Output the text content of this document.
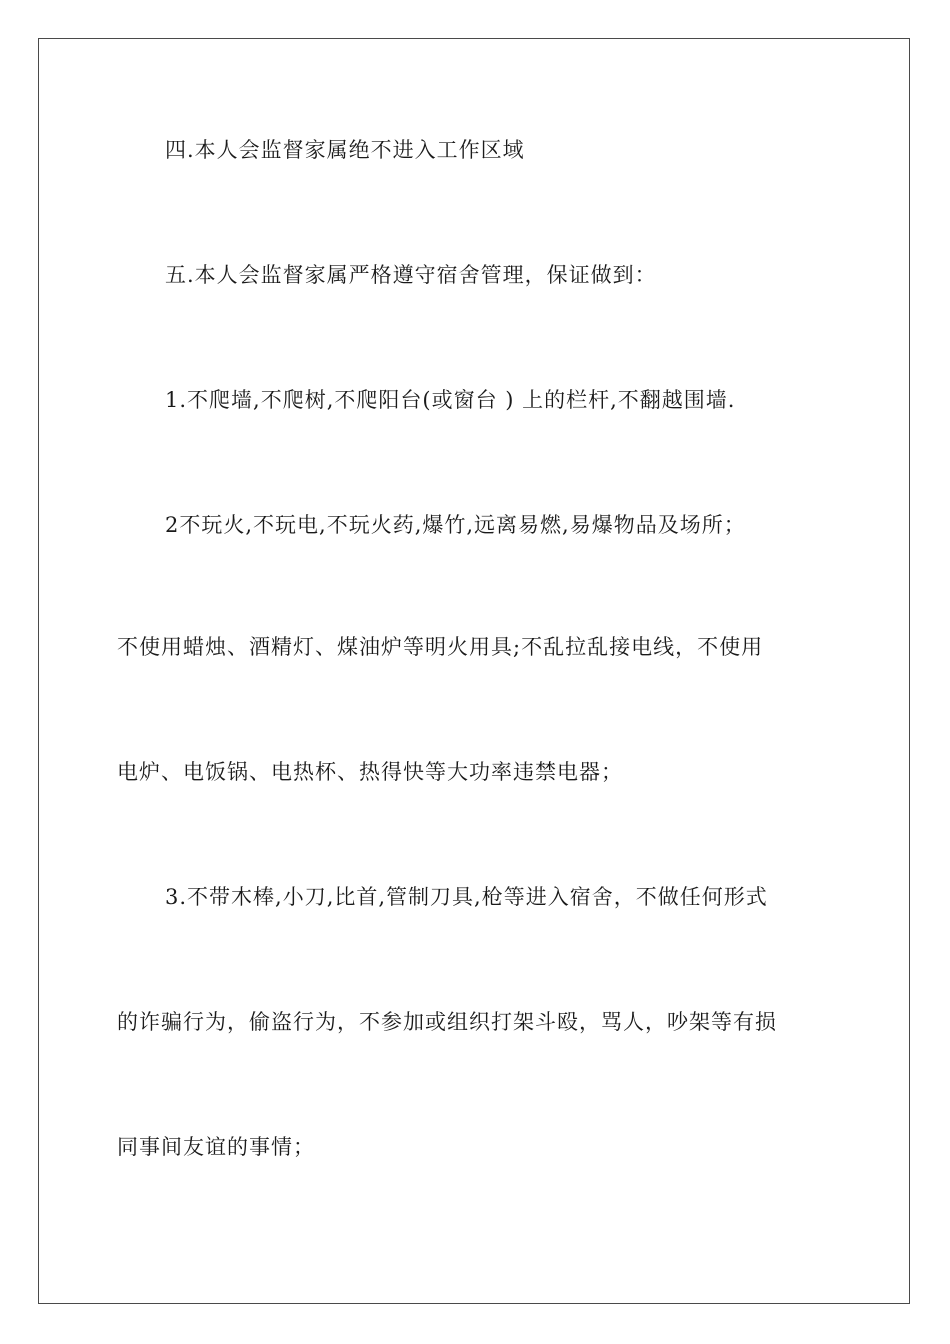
四.本人会监督家属绝不进入工作区域
五.本人会监督家属严格遵守宿舍管理，保证做到：
1.不爬墙,不爬树,不爬阳台(或窗台 ) 上的栏杆,不翻越围墙.
2不玩火,不玩电,不玩火药,爆竹,远离易燃,易爆物品及场所；
不使用蜡烛、酒精灯、煤油炉等明火用具;不乱拉乱接电线，不使用
电炉、电饭锅、电热杯、热得快等大功率违禁电器；
3.不带木棒,小刀,比首,管制刀具,枪等进入宿舍，不做任何形式
的诈骗行为，偷盗行为，不参加或组织打架斗殴，骂人，吵架等有损
同事间友谊的事情；
